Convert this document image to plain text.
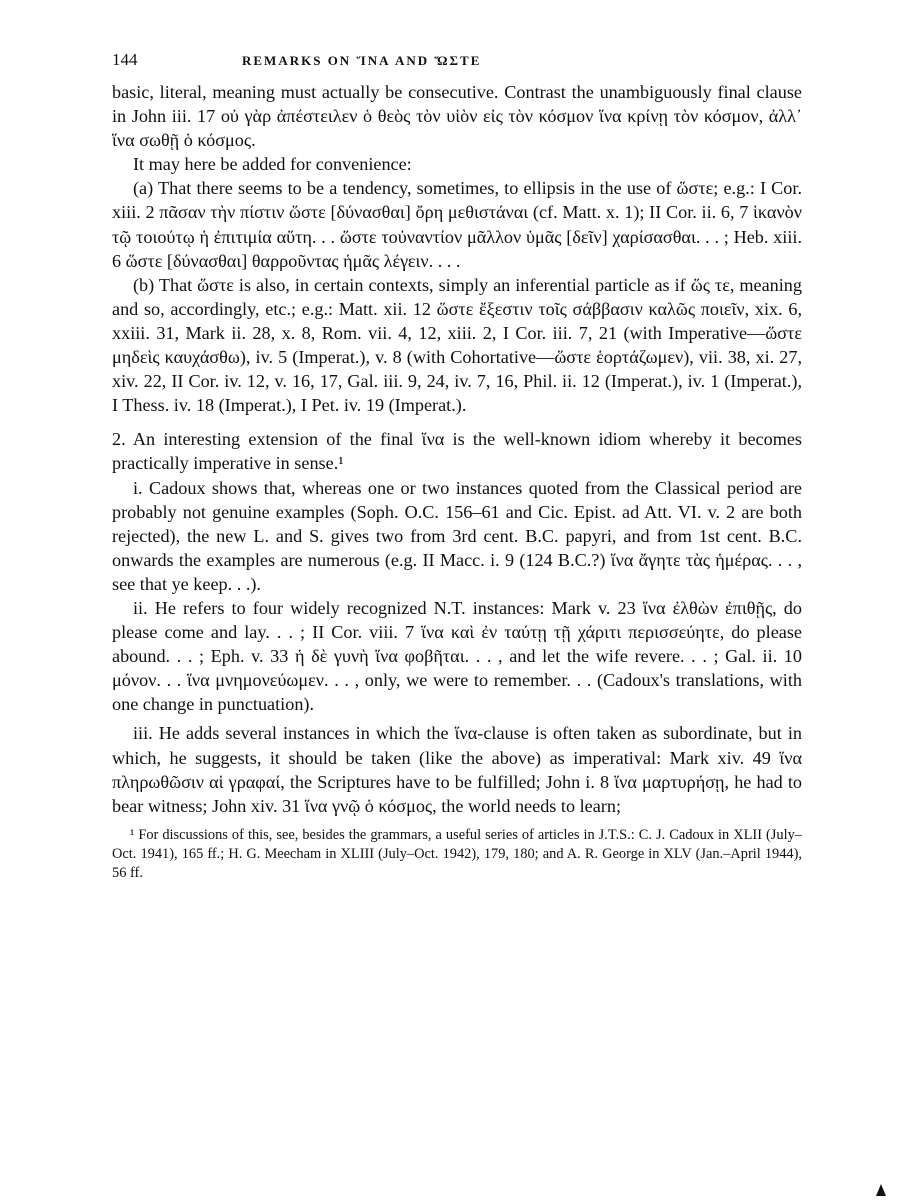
144	REMARKS ON ἽΝΑ AND ὭΣΤΕ

basic, literal, meaning must actually be consecutive. Contrast the unambiguously final clause in John iii. 17 οὐ γὰρ ἀπέστειλεν ὁ θεὸς τὸν υἱὸν εἰς τὸν κόσμον ἵνα κρίνῃ τὸν κόσμον, ἀλλ᾽ ἵνα σωθῇ ὁ κόσμος.

It may here be added for convenience:

(a) That there seems to be a tendency, sometimes, to ellipsis in the use of ὥστε; e.g.: I Cor. xiii. 2 πᾶσαν τὴν πίστιν ὥστε [δύνασθαι] ὄρη μεθιστάναι (cf. Matt. x. 1); II Cor. ii. 6, 7 ἱκανὸν τῷ τοιούτῳ ἡ ἐπιτιμία αὕτη. . . ὥστε τοὐναντίον μᾶλλον ὑμᾶς [δεῖν] χαρίσασθαι. . . ; Heb. xiii. 6 ὥστε [δύνασθαι] θαρροῦντας ἡμᾶς λέγειν. . . .

(b) That ὥστε is also, in certain contexts, simply an inferential particle as if ὥς τε, meaning and so, accordingly, etc.; e.g.: Matt. xii. 12 ὥστε ἔξεστιν τοῖς σάββασιν καλῶς ποιεῖν, xix. 6, xxiii. 31, Mark ii. 28, x. 8, Rom. vii. 4, 12, xiii. 2, I Cor. iii. 7, 21 (with Imperative—ὥστε μηδεὶς καυχάσθω), iv. 5 (Imperat.), v. 8 (with Cohortative—ὥστε ἑορτάζωμεν), vii. 38, xi. 27, xiv. 22, II Cor. iv. 12, v. 16, 17, Gal. iii. 9, 24, iv. 7, 16, Phil. ii. 12 (Imperat.), iv. 1 (Imperat.), I Thess. iv. 18 (Imperat.), I Pet. iv. 19 (Imperat.).

2. An interesting extension of the final ἵνα is the well-known idiom whereby it becomes practically imperative in sense.¹

i. Cadoux shows that, whereas one or two instances quoted from the Classical period are probably not genuine examples (Soph. O.C. 156–61 and Cic. Epist. ad Att. VI. v. 2 are both rejected), the new L. and S. gives two from 3rd cent. B.C. papyri, and from 1st cent. B.C. onwards the examples are numerous (e.g. II Macc. i. 9 (124 B.C.?) ἵνα ἄγητε τὰς ἡμέρας. . . , see that ye keep. . .).

ii. He refers to four widely recognized N.T. instances: Mark v. 23 ἵνα ἐλθὼν ἐπιθῇς, do please come and lay. . . ; II Cor. viii. 7 ἵνα καὶ ἐν ταύτῃ τῇ χάριτι περισσεύητε, do please abound. . . ; Eph. v. 33 ἡ δὲ γυνὴ ἵνα φοβῆται. . . , and let the wife revere. . . ; Gal. ii. 10 μόνον. . . ἵνα μνημονεύωμεν. . . , only, we were to remember. . . (Cadoux's translations, with one change in punctuation).

iii. He adds several instances in which the ἵνα-clause is often taken as subordinate, but in which, he suggests, it should be taken (like the above) as imperatival: Mark xiv. 49 ἵνα πληρωθῶσιν αἱ γραφαί, the Scriptures have to be fulfilled; John i. 8 ἵνα μαρτυρήσῃ, he had to bear witness; John xiv. 31 ἵνα γνῷ ὁ κόσμος, the world needs to learn;

¹ For discussions of this, see, besides the grammars, a useful series of articles in J.T.S.: C. J. Cadoux in XLII (July–Oct. 1941), 165 ff.; H. G. Meecham in XLIII (July–Oct. 1942), 179, 180; and A. R. George in XLV (Jan.–April 1944), 56 ff.
